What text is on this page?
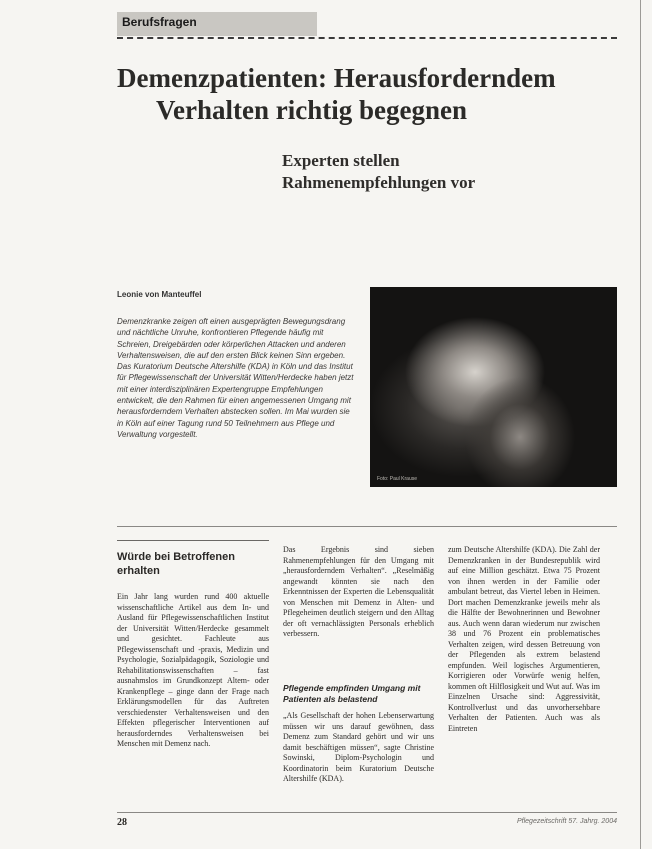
Berufsfragen
Demenzpatienten: Herausforderndem
Verhalten richtig begegnen
Experten stellen
Rahmenempfehlungen vor
Leonie von Manteuffel
Demenzkranke zeigen oft einen ausgeprägten Bewegungsdrang und nächtliche Unruhe, konfrontieren Pflegende häufig mit Schreien, Dreigebärden oder körperlichen Attacken und anderen Verhaltensweisen, die auf den ersten Blick keinen Sinn ergeben. Das Kuratorium Deutsche Altershilfe (KDA) in Köln und das Institut für Pflegewissenschaft der Universität Witten/Herdecke haben jetzt mit einer interdisziplinären Expertengruppe Empfehlungen entwickelt, die den Rahmen für einen angemessenen Umgang mit herausforderndem Verhalten abstecken sollen. Im Mai wurden sie in Köln auf einer Tagung rund 50 Teilnehmern aus Pflege und Verwaltung vorgestellt.
Foto: Paul Krause
Würde bei Betroffenen erhalten
Ein Jahr lang wurden rund 400 aktuelle wissenschaftliche Artikel aus dem In- und Ausland für Pflegewissenschaftlichen Institut der Universität Witten/Herdecke gesammelt und gesichtet. Fachleute aus Pflegewissenschaft und -praxis, Medizin und Psychologie, Sozialpädagogik, Soziologie und Rehabilitationswissenschaften – fast ausnahmslos im Grundkonzept Altem- oder Krankenpflege – ginge dann der Frage nach Erklärungsmodellen für das Auftreten verschiedenster Verhaltensweisen und den Effekten pflegerischer Interventionen auf herausforderndes Verhaltensweisen bei Menschen mit Demenz nach.
Das Ergebnis sind sieben Rahmenempfehlungen für den Umgang mit „herausforderndem Verhalten“. „Reselmäßig angewandt könnten sie nach den Erkenntnissen der Experten die Lebensqualität von Menschen mit Demenz in Alten- und Pflegeheimen deutlich steigern und den Alltag der oft vernachlässigten Personals erheblich verbessern.
Pflegende empfinden Umgang mit Patienten als belastend
„Als Gesellschaft der hohen Lebenserwartung müssen wir uns darauf gewöhnen, dass Demenz zum Standard gehört und wir uns damit beschäftigen müssen“, sagte Christine Sowinski, Diplom-Psychologin und Koordinatorin beim Kuratorium Deutsche Altershilfe (KDA).
zum Deutsche Altershilfe (KDA). Die Zahl der Demenzkranken in der Bundesrepublik wird auf eine Million geschätzt. Etwa 75 Prozent von ihnen werden in der Familie oder ambulant betreut, das Viertel leben in Heimen. Dort machen Demenzkranke jeweils mehr als die Hälfte der Bewohnerinnen und Bewohner aus. Auch wenn daran wiederum nur zwischen 38 und 76 Prozent ein problematisches Verhalten zeigen, wird dessen Betreuung von der Pflegenden als extrem belastend empfunden. Weil logisches Argumentieren, Korrigieren oder Vorwürfe wenig helfen, kommen oft Hilflosigkeit und Wut auf. Was im Einzelnen Ursache sind: Aggressivität, Kontrollverlust und das unvorhersehbare Verhalten der Patienten. Auch was als Eintreten
28	Pflegezeitschrift 57. Jahrg. 2004
